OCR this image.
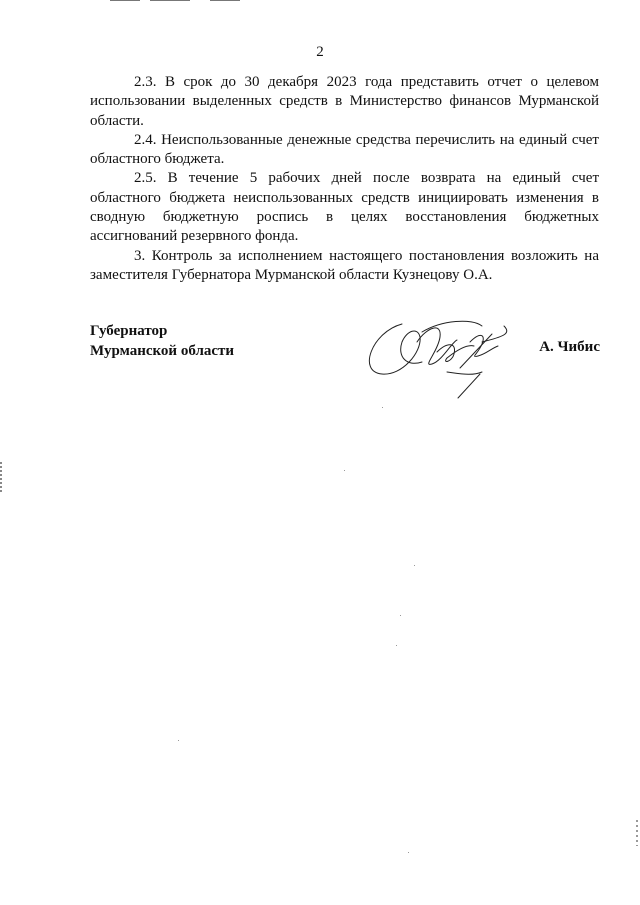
2

2.3. В срок до 30 декабря 2023 года представить отчет о целевом использовании выделенных средств в Министерство финансов Мурманской области.

2.4. Неиспользованные денежные средства перечислить на единый счет областного бюджета.

2.5. В течение 5 рабочих дней после возврата на единый счет областного бюджета неиспользованных средств инициировать изменения в сводную бюджетную роспись в целях восстановления бюджетных ассигнований резервного фонда.

3. Контроль за исполнением настоящего постановления возложить на заместителя Губернатора Мурманской области Кузнецову О.А.

Губернатор
Мурманской области	А. Чибис
